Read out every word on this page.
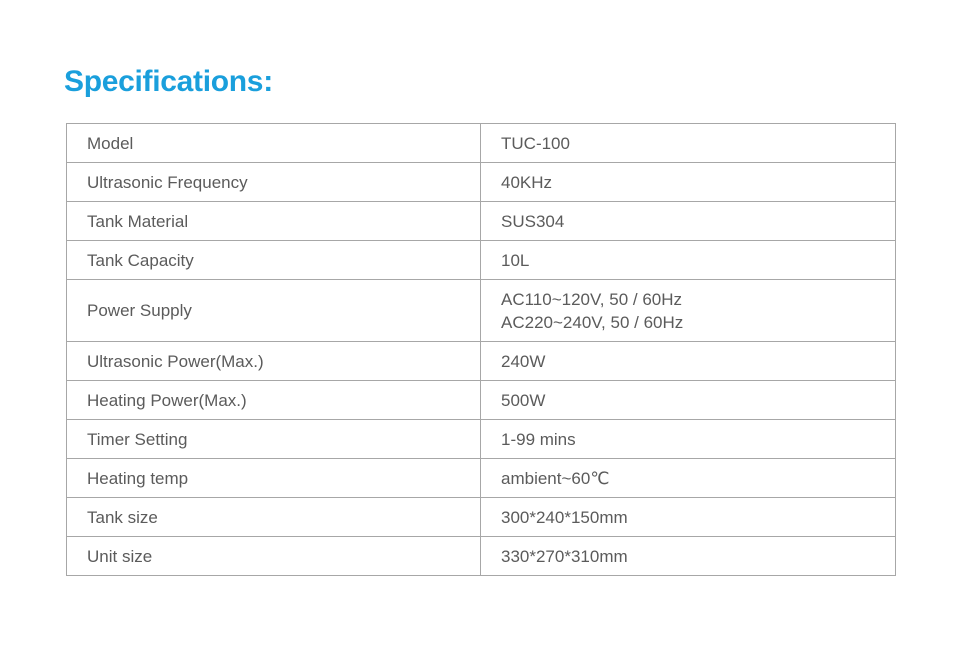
Specifications:
Model	TUC-100

Ultrasonic Frequency	40KHz

Tank Material	SUS304

Tank Capacity	10L

Power Supply	AC110~120V, 50 / 60Hz
AC220~240V, 50 / 60Hz

Ultrasonic Power(Max.)	240W

Heating Power(Max.)	500W

Timer Setting	1-99 mins

Heating temp	ambient~60℃

Tank size	300*240*150mm

Unit size	330*270*310mm
